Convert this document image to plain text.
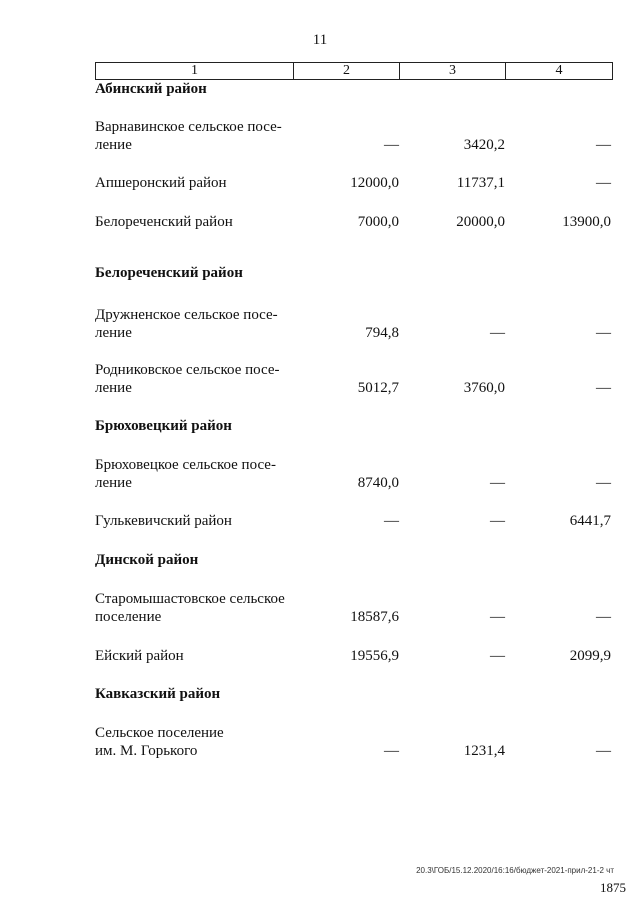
11
1	2	3	4
Абинский район
Варнавинское сельское посе-
ление	—	3420,2	—
Апшеронский район	12000,0	11737,1	—
Белореченский район	7000,0	20000,0	13900,0
Белореченский район
Дружненское сельское посе-
ление	794,8	—	—
Родниковское сельское посе-
ление	5012,7	3760,0	—
Брюховецкий район
Брюховецкое сельское посе-
ление	8740,0	—	—
Гулькевичский район	—	—	6441,7
Динской район
Старомышастовское сельское
поселение	18587,6	—	—
Ейский район	19556,9	—	2099,9
Кавказский район
Сельское поселение
им. М. Горького	—	1231,4	—
20.3\ГОБ/15.12.2020/16:16/бюджет-2021-прил-21-2 чт
1875
